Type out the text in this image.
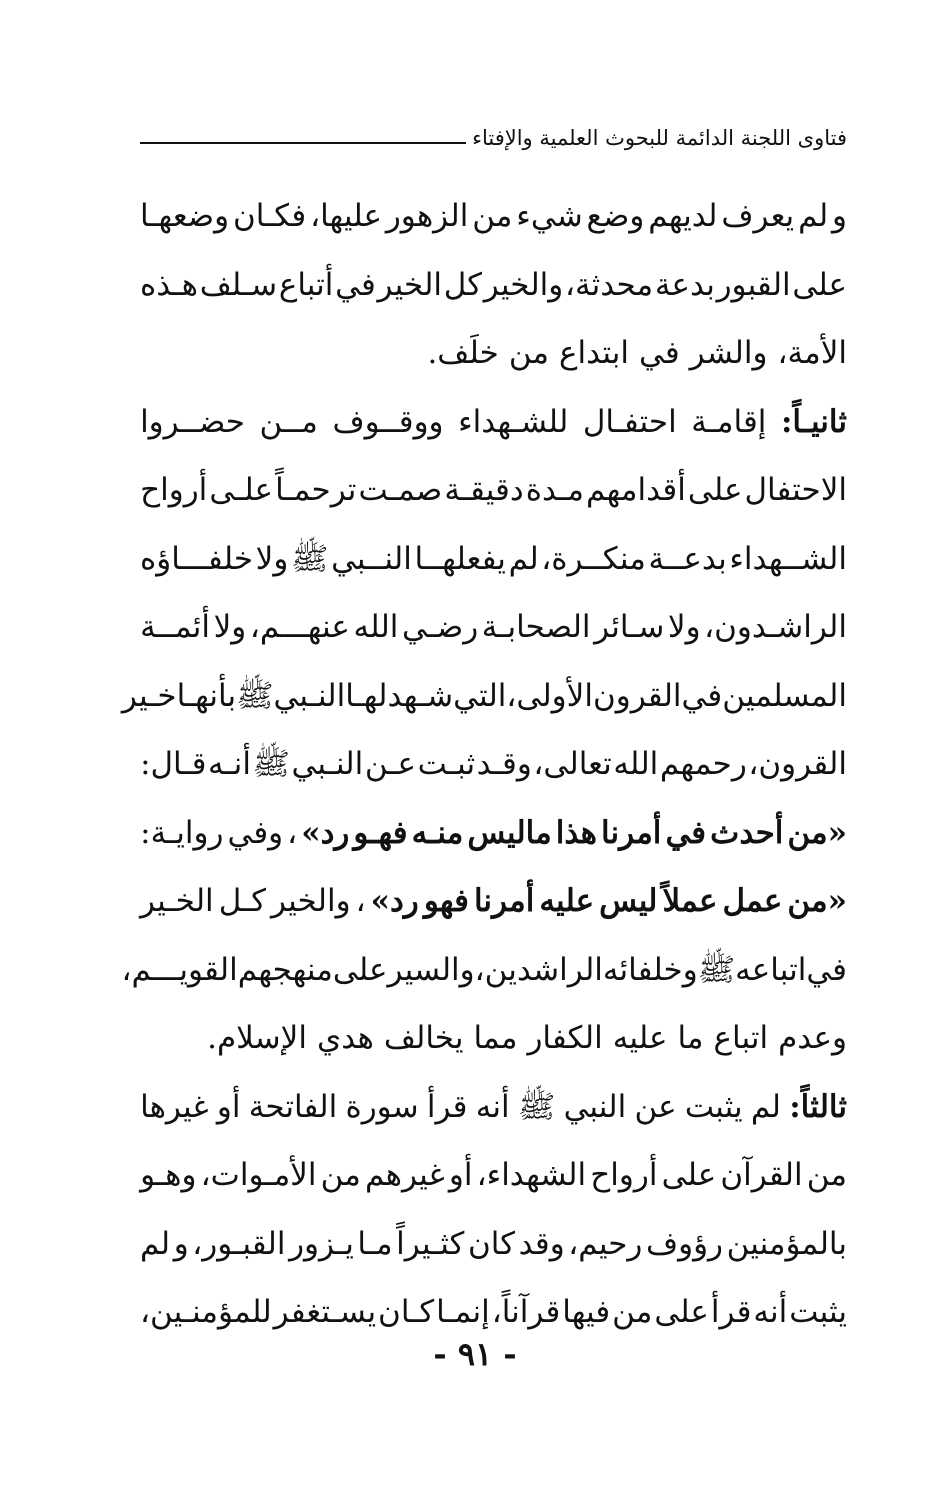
فتاوى اللجنة الدائمة للبحوث العلمية والإفتاء
و
لم
يعرف
لديهم
وضع
شيء
من
الزهور
عليها،
فكـان
وضعهـا
على
القبور
بدعة
محدثة،
والخير
كل
الخير
في
أتباع
سـلف
هـذه
الأمة،
والشر
في
ابتداع
من
خلَف.
ثانيـاً:
إقامـة
احتفـال
للشـهداء
ووقــوف
مــن
حضــروا
الاحتفال
على
أقدامهم
مـدة
دقيقـة
صمـت
ترحمـاً
علـى
أرواح
الشــهداء
بدعــة
منكــرة،
لم
يفعلهــا
النــبي
ﷺ
ولا
خلفـــاؤه
الراشـدون،
ولا
سـائر
الصحابـة
رضـي
الله
عنهـــم،
ولا
أئمــة
المسلمين
في
القرون
الأولى،
التي
شـهد
لهـا
النـبي
ﷺ
بأنهـا
خـير
القرون،
رحمهم
الله
تعالى،
وقـد
ثبـت
عـن
النـبي
ﷺ
أنـه
قـال:
«من
أحدث
في
أمرنا
هذا
ماليس
منـه
فهـو
رد»
،
وفي
روايـة:
«من
عمل
عملاً
ليس
عليه
أمرنا
فهو
رد»
،
والخير
كـل
الخـير
في
اتباعه
ﷺ
وخلفائه
الراشدين،
والسير
على
منهجهم
القويـــم،
وعدم
اتباع
ما
عليه
الكفار
مما
يخالف
هدي
الإسلام.
ثالثاً:
لم
يثبت
عن
النبي
ﷺ
أنه
قرأ
سورة
الفاتحة
أو
غيرها
من
القرآن
على
أرواح
الشهداء،
أو
غيرهم
من
الأمـوات،
وهـو
بالمؤمنين
رؤوف
رحيم،
وقد
كان
كثـيراً
مـا
يـزور
القبـور،
و
لم
يثبت
أنه
قرأ
على
من
فيها
قرآناً،
إنمـا
كـان
يسـتغفر
للمؤمنـين،
- ٩١ -
